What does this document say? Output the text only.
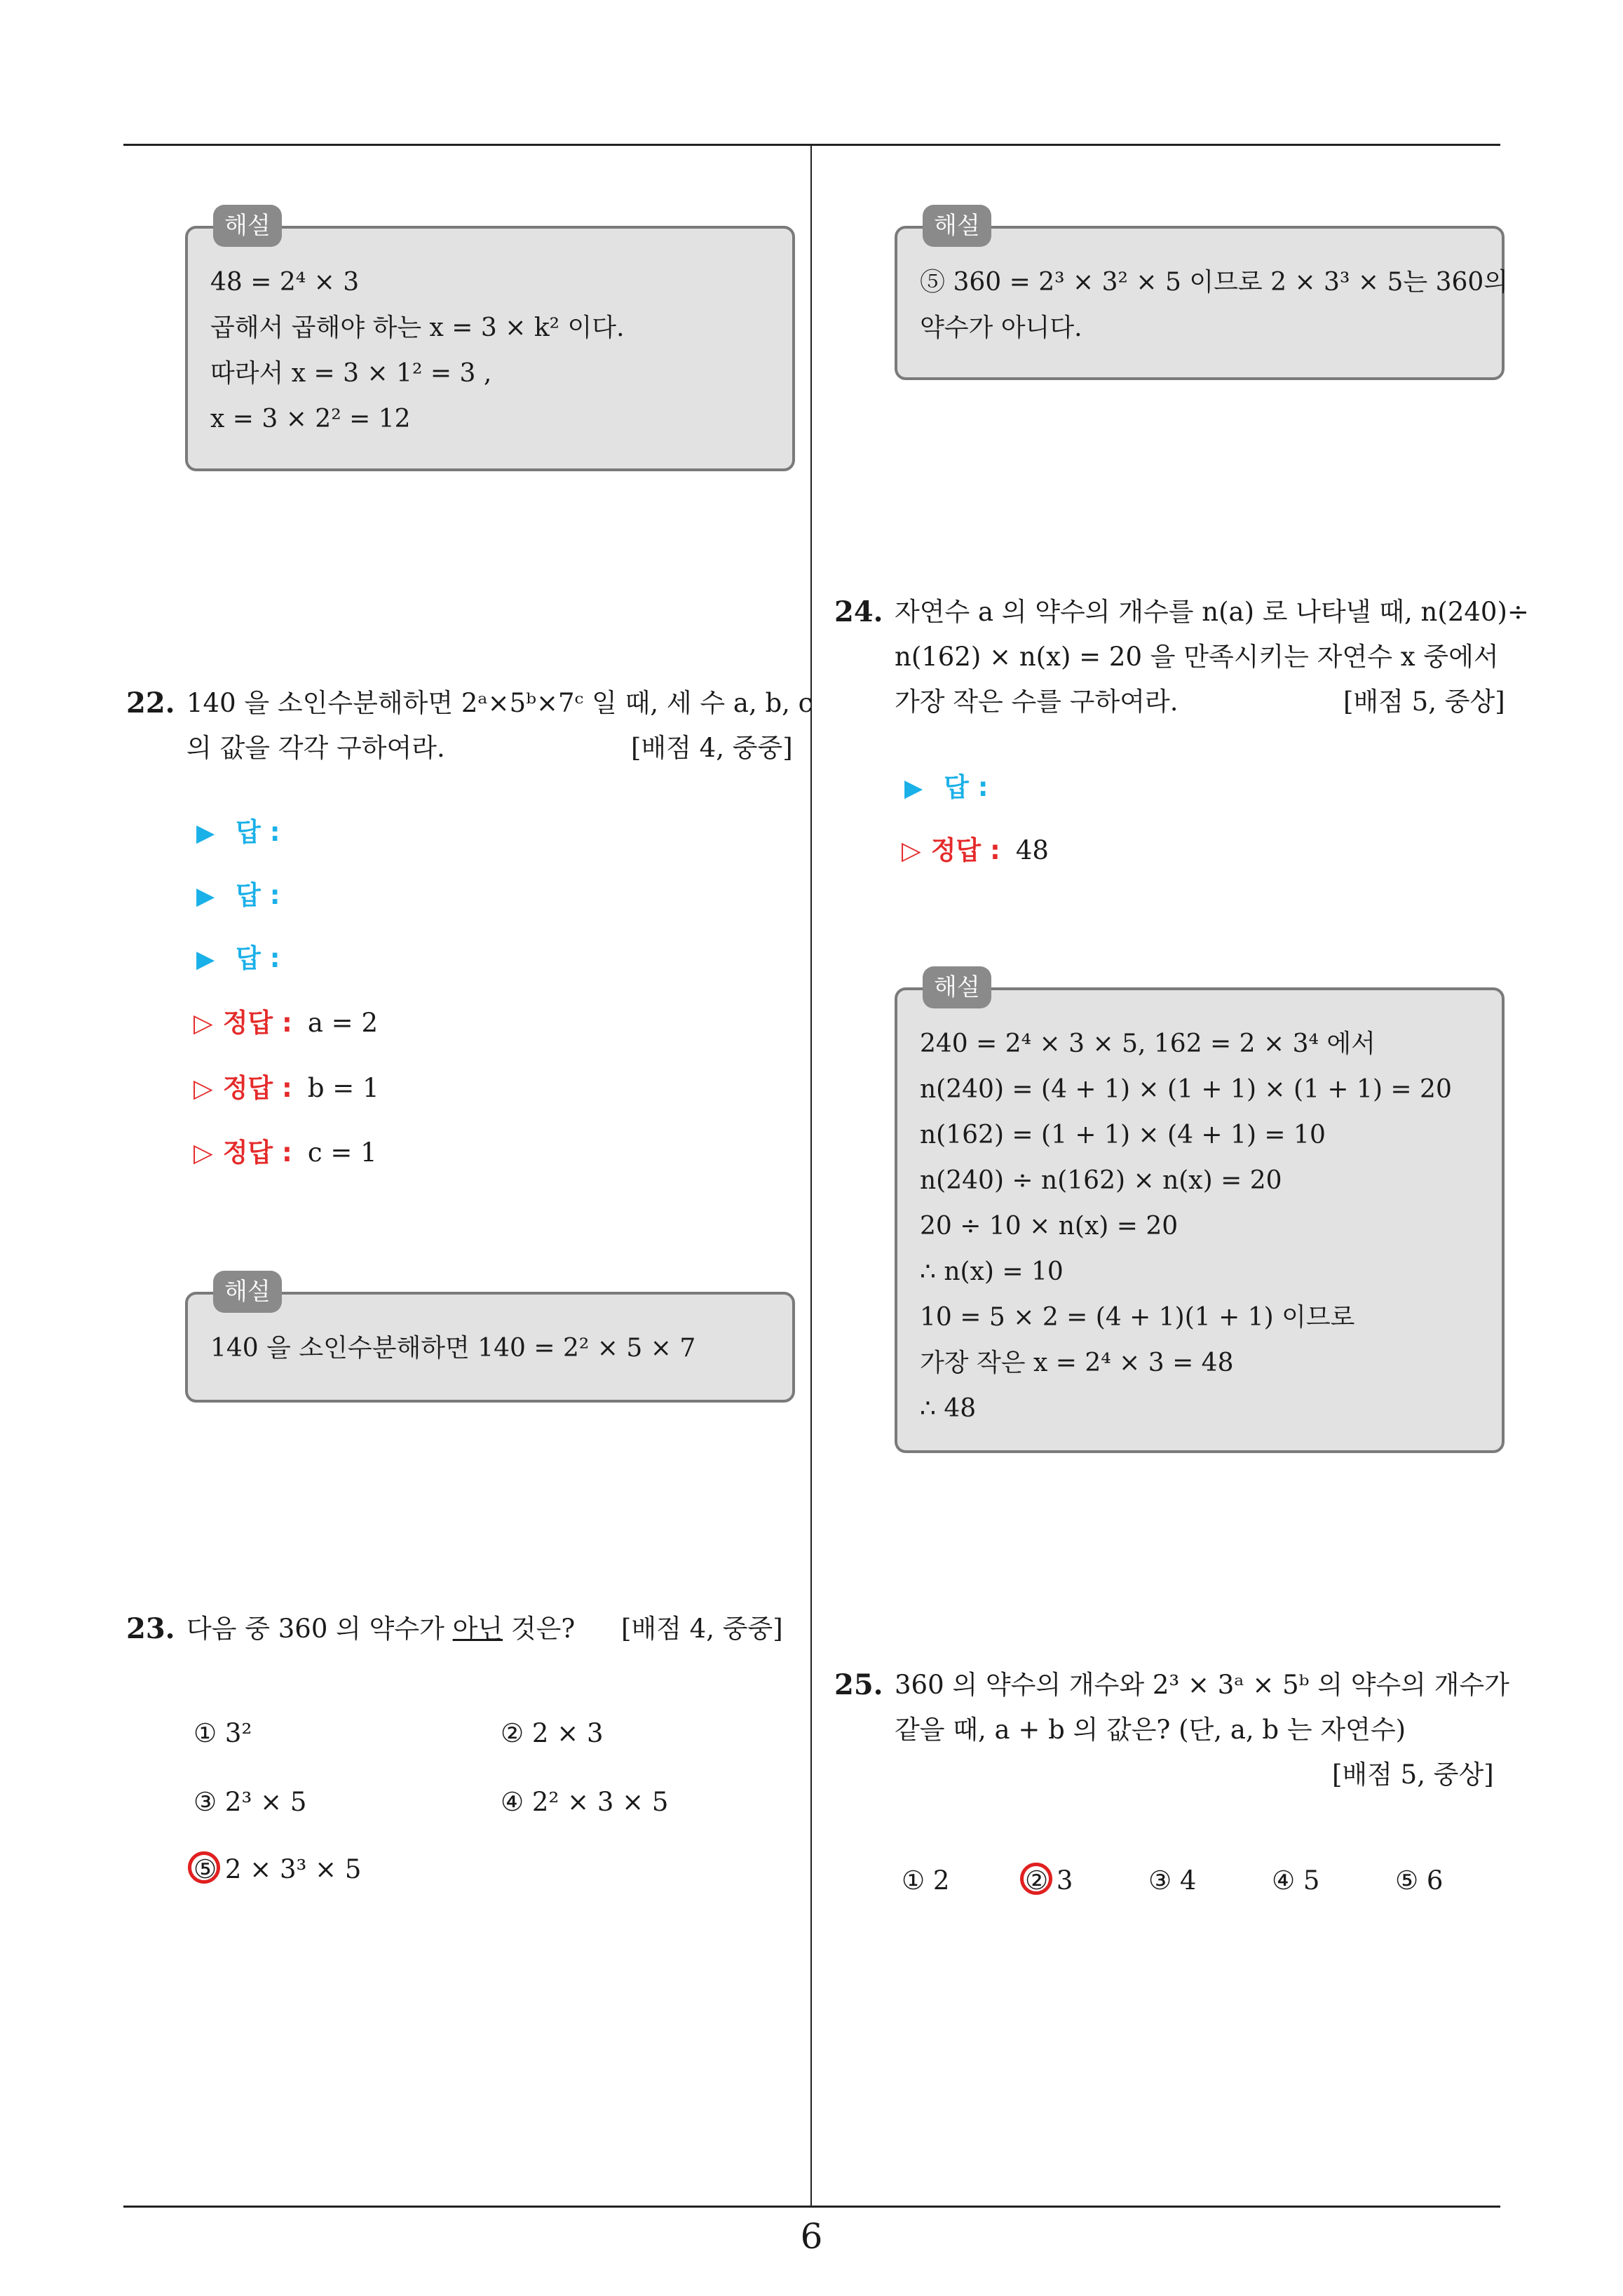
6
해설
48 = 2⁴ × 3
곱해서 곱해야 하는 x = 3 × k² 이다.
따라서 x = 3 × 1² = 3 ,
x = 3 × 2² = 12
22. 140 을 소인수분해하면 2ᵃ×5ᵇ×7ᶜ 일 때, 세 수 a, b, c
의 값을 각각 구하여라.	[배점 4, 중중]
▶ 답 :
▶ 답 :
▶ 답 :
▷ 정답 : a = 2
▷ 정답 : b = 1
▷ 정답 : c = 1
해설
140 을 소인수분해하면 140 = 2² × 5 × 7
23. 다음 중 360 의 약수가 아닌 것은? [배점 4, 중중]
① 3²	② 2 × 3
③ 2³ × 5	④ 2² × 3 × 5
⑤ 2 × 3³ × 5
해설
⑤ 360 = 2³ × 3² × 5 이므로 2 × 3³ × 5는 360의
약수가 아니다.
24. 자연수 a 의 약수의 개수를 n(a) 로 나타낼 때, n(240)÷
n(162) × n(x) = 20 을 만족시키는 자연수 x 중에서
가장 작은 수를 구하여라.	[배점 5, 중상]
▶ 답 :
▷ 정답 : 48
해설
240 = 2⁴ × 3 × 5, 162 = 2 × 3⁴ 에서
n(240) = (4 + 1) × (1 + 1) × (1 + 1) = 20
n(162) = (1 + 1) × (4 + 1) = 10
n(240) ÷ n(162) × n(x) = 20
20 ÷ 10 × n(x) = 20
∴ n(x) = 10
10 = 5 × 2 = (4 + 1)(1 + 1) 이므로
가장 작은 x = 2⁴ × 3 = 48
∴ 48
25. 360 의 약수의 개수와 2³ × 3ᵃ × 5ᵇ 의 약수의 개수가
같을 때, a + b 의 값은? (단, a, b 는 자연수)
[배점 5, 중상]
① 2	② 3	③ 4	④ 5	⑤ 6
